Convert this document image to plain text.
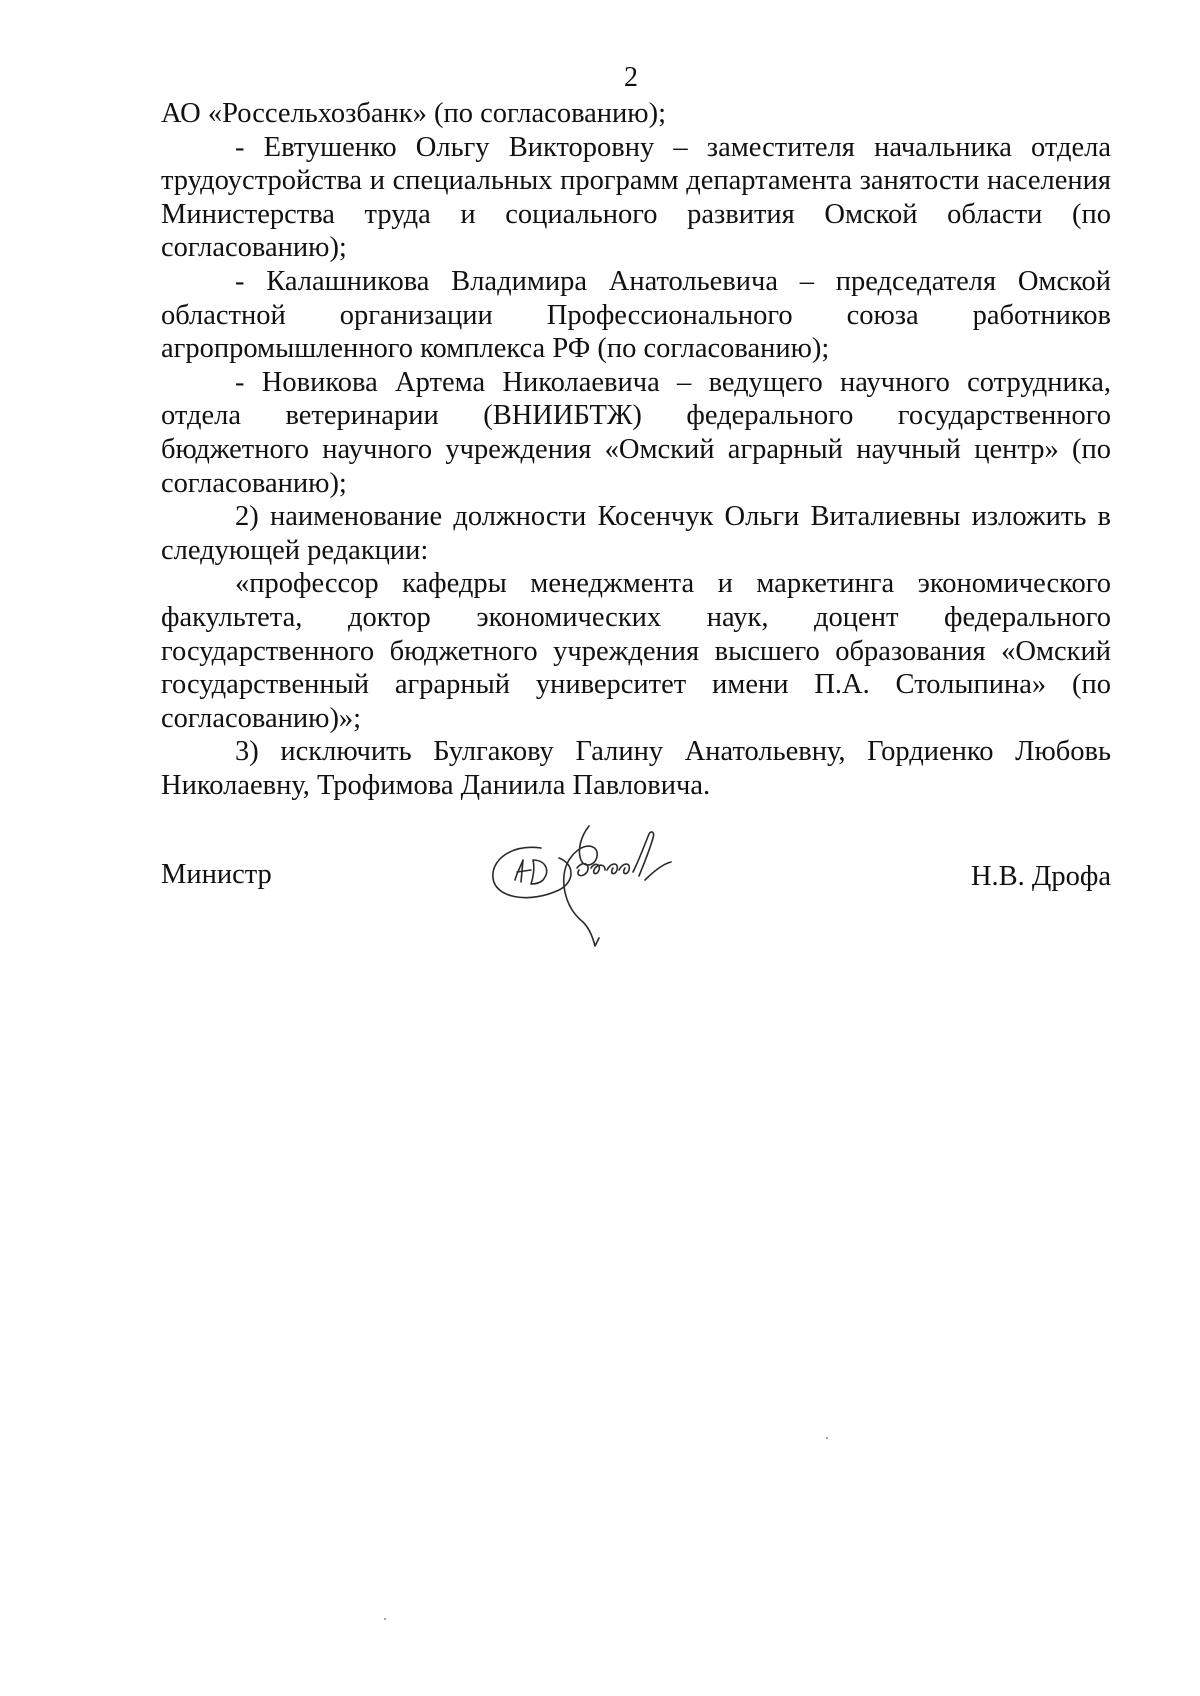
2

АО «Россельхозбанк» (по согласованию);

- Евтушенко Ольгу Викторовну – заместителя начальника отдела трудоустройства и специальных программ департамента занятости населения Министерства труда и социального развития Омской области (по согласованию);

- Калашникова Владимира Анатольевича – председателя Омской областной организации Профессионального союза работников агропромышленного комплекса РФ (по согласованию);

- Новикова Артема Николаевича – ведущего научного сотрудника, отдела ветеринарии (ВНИИБТЖ) федерального государственного бюджетного научного учреждения «Омский аграрный научный центр» (по согласованию);

2) наименование должности Косенчук Ольги Виталиевны изложить в следующей редакции:

«профессор кафедры менеджмента и маркетинга экономического факультета, доктор экономических наук, доцент федерального государственного бюджетного учреждения высшего образования «Омский государственный аграрный университет имени П.А. Столыпина» (по согласованию)»;

3) исключить Булгакову Галину Анатольевну, Гордиенко Любовь Николаевну, Трофимова Даниила Павловича.

Министр	Н.В. Дрофа
